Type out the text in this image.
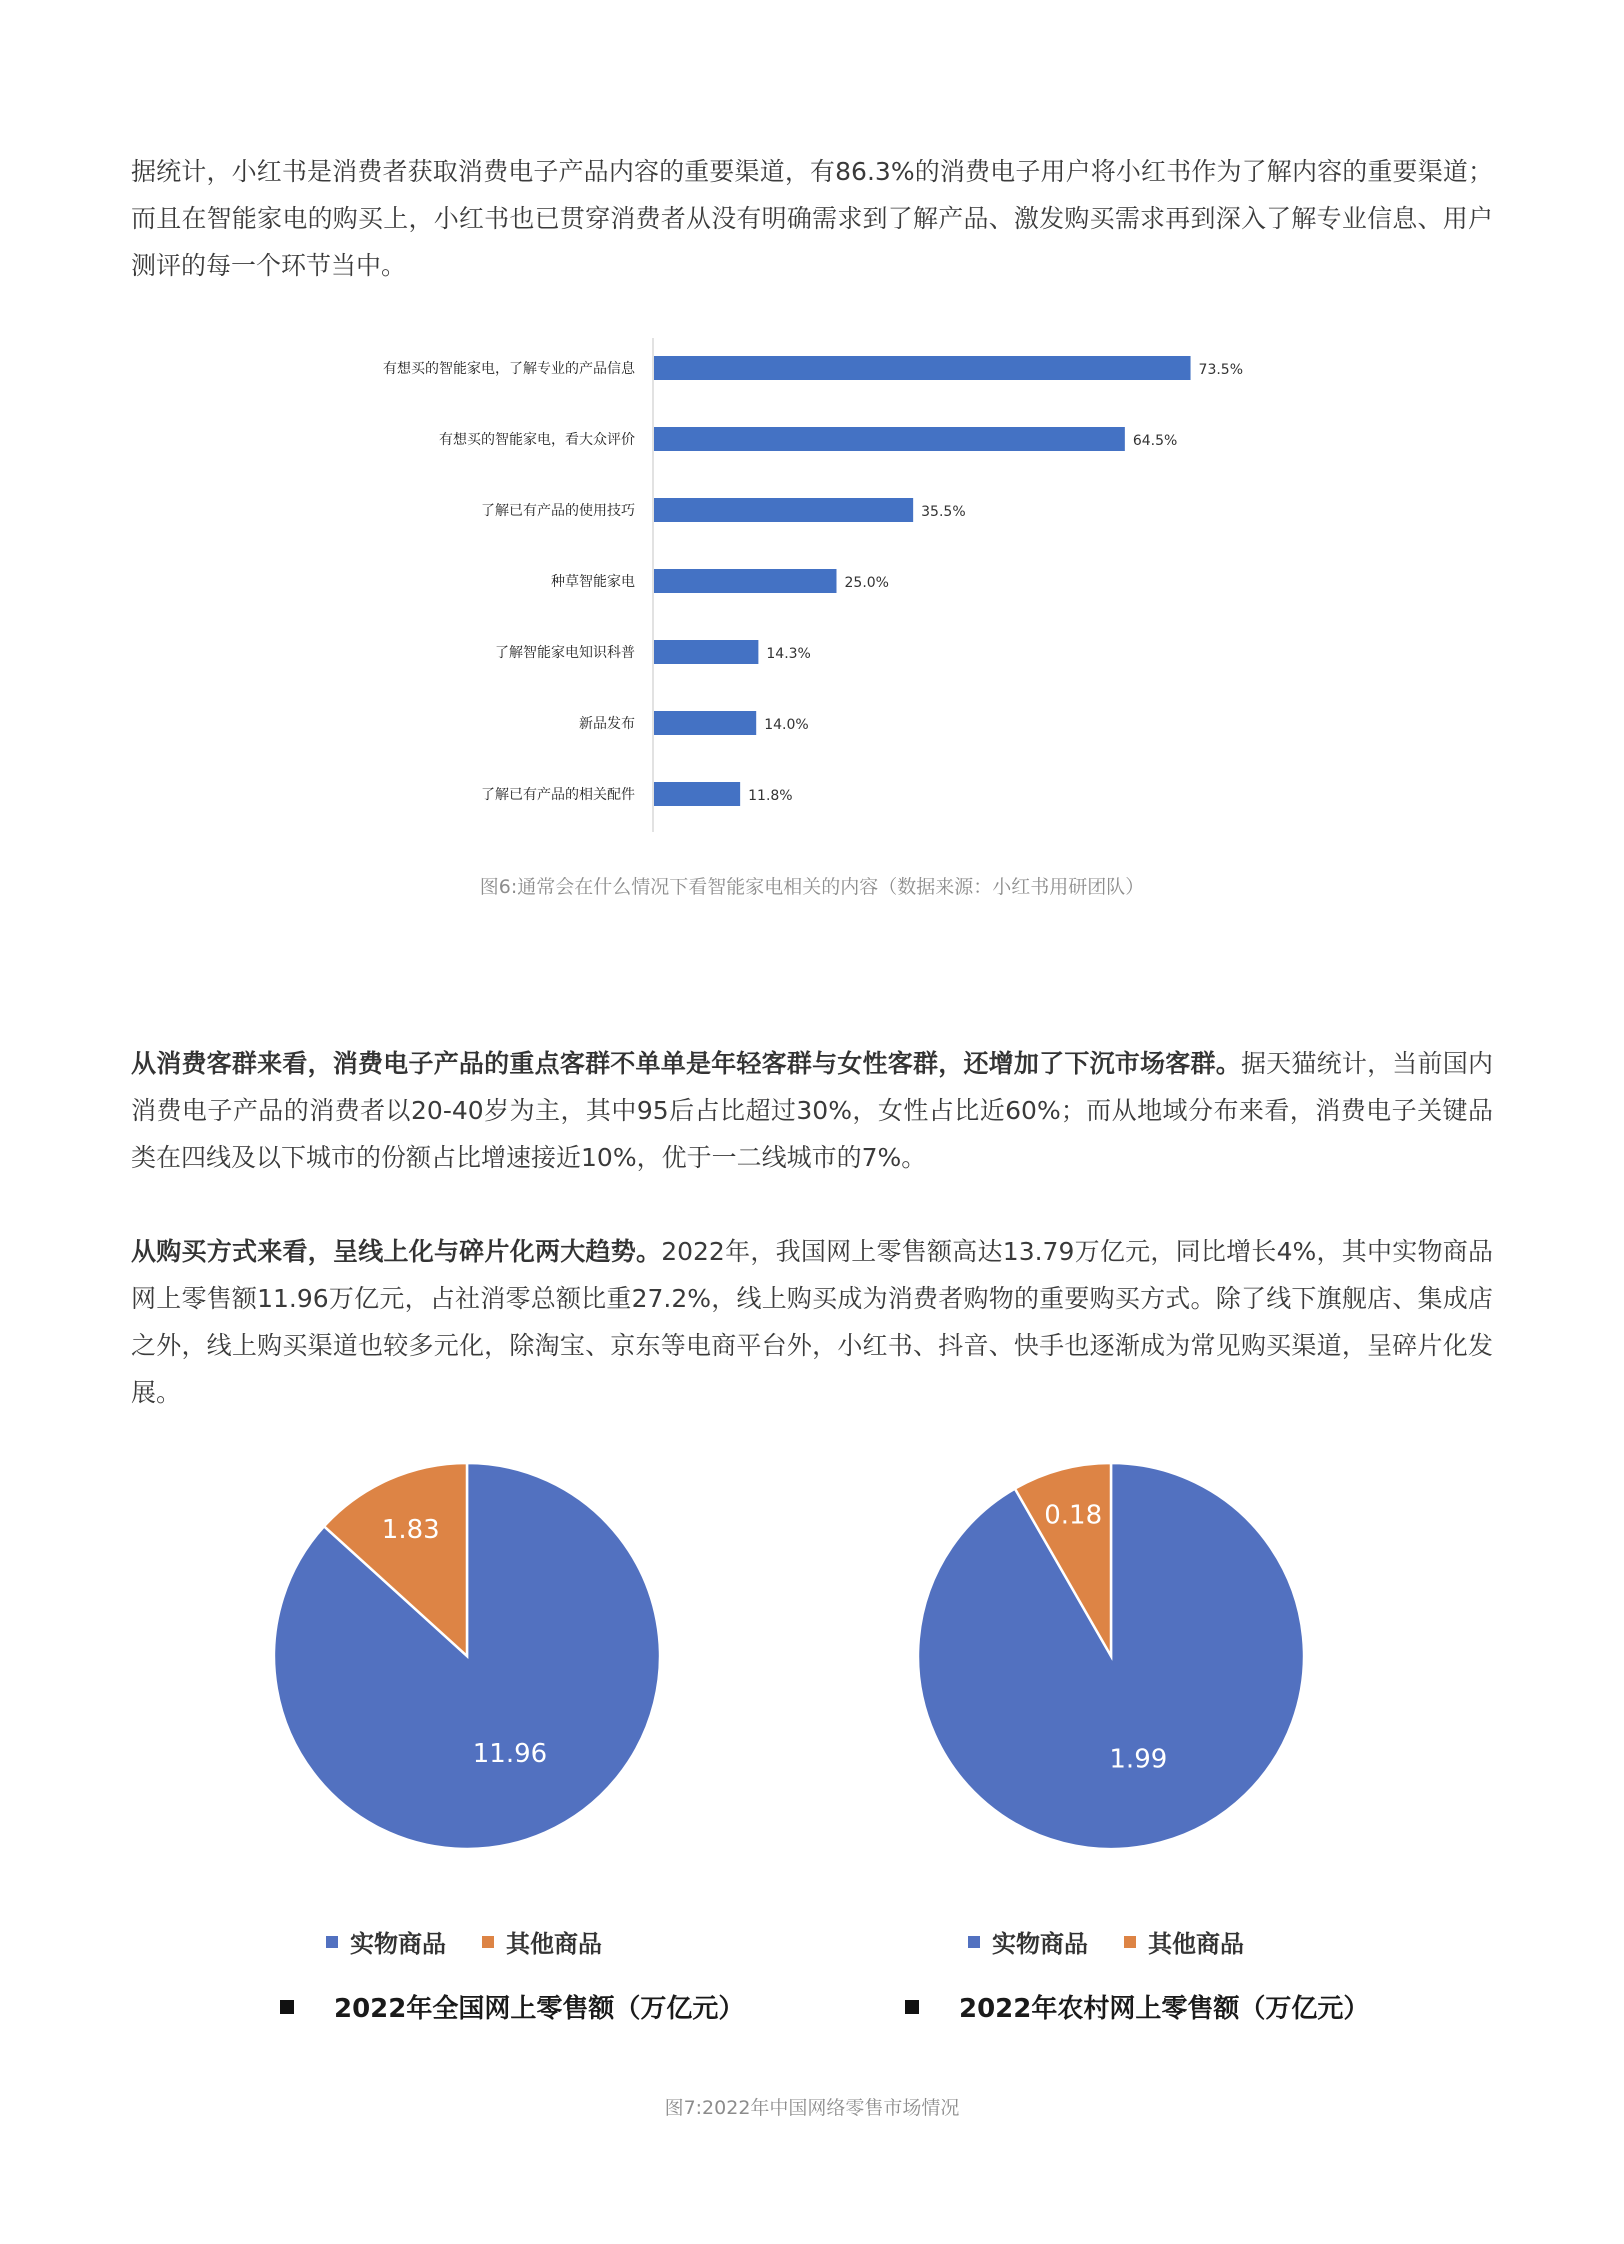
据统计，小红书是消费者获取消费电子产品内容的重要渠道，有86.3%的消费电子用户将小红书作为了解内容的重要渠道；而且在智能家电的购买上，小红书也已贯穿消费者从没有明确需求到了解产品、激发购买需求再到深入了解专业信息、用户测评的每一个环节当中。

有想买的智能家电，了解专业的产品信息	73.5%
有想买的智能家电，看大众评价	64.5%
了解已有产品的使用技巧	35.5%
种草智能家电	25.0%
了解智能家电知识科普	14.3%
新品发布	14.0%
了解已有产品的相关配件	11.8%
图6:通常会在什么情况下看智能家电相关的内容（数据来源：小红书用研团队）

从消费客群来看，消费电子产品的重点客群不单单是年轻客群与女性客群，还增加了下沉市场客群。据天猫统计，当前国内消费电子产品的消费者以20-40岁为主，其中95后占比超过30%，女性占比近60%；而从地域分布来看，消费电子关键品类在四线及以下城市的份额占比增速接近10%，优于一二线城市的7%。

从购买方式来看，呈线上化与碎片化两大趋势。2022年，我国网上零售额高达13.79万亿元，同比增长4%，其中实物商品网上零售额11.96万亿元，占社消零总额比重27.2%，线上购买成为消费者购物的重要购买方式。除了线下旗舰店、集成店之外，线上购买渠道也较多元化，除淘宝、京东等电商平台外，小红书、抖音、快手也逐渐成为常见购买渠道，呈碎片化发展。

11.96
1.83
1.99
0.18
实物商品	其他商品	实物商品	其他商品
2022年全国网上零售额（万亿元）	2022年农村网上零售额（万亿元）
图7:2022年中国网络零售市场情况
